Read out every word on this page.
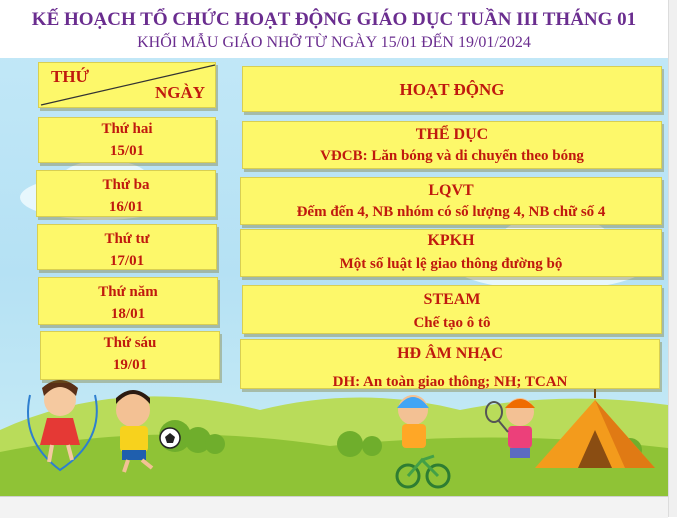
KẾ HOẠCH TỔ CHỨC HOẠT ĐỘNG GIÁO DỤC TUẦN III THÁNG 01
KHỐI MẪU GIÁO NHỠ TỪ NGÀY 15/01 ĐẾN 19/01/2024
THỨ
NGÀY	HOẠT ĐỘNG
Thứ hai
15/01
Thứ ba
16/01
Thứ tư
17/01
Thứ năm
18/01
Thứ sáu
19/01
THỂ DỤC
VĐCB: Lăn bóng và di chuyển theo bóng
LQVT
Đếm đến 4, NB nhóm có số lượng 4, NB chữ số 4
KPKH
Một số luật lệ giao thông đường bộ
STEAM
Chế tạo ô tô
HĐ ÂM NHẠC
DH: An toàn giao thông; NH; TCAN
